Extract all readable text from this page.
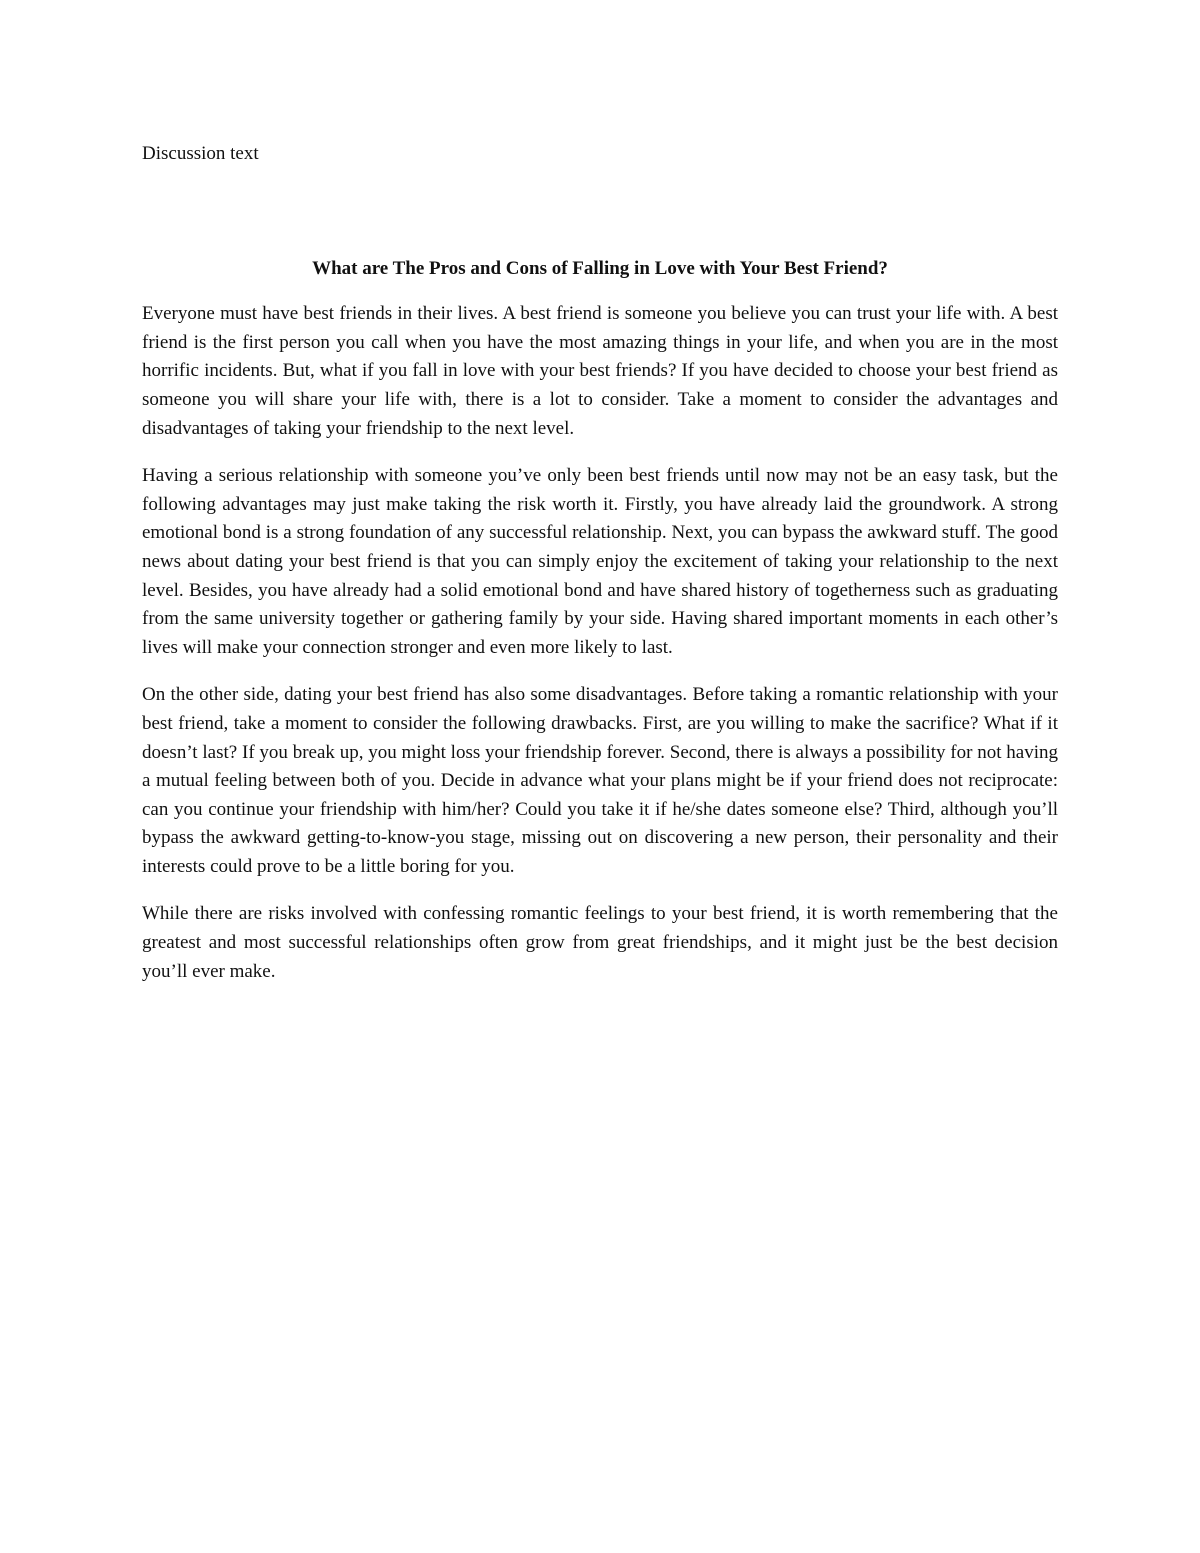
Discussion text

What are The Pros and Cons of Falling in Love with Your Best Friend?

Everyone must have best friends in their lives. A best friend is someone you believe you can trust your life with. A best friend is the first person you call when you have the most amazing things in your life, and when you are in the most horrific incidents. But, what if you fall in love with your best friends? If you have decided to choose your best friend as someone you will share your life with, there is a lot to consider. Take a moment to consider the advantages and disadvantages of taking your friendship to the next level.

Having a serious relationship with someone you’ve only been best friends until now may not be an easy task, but the following advantages may just make taking the risk worth it. Firstly, you have already laid the groundwork. A strong emotional bond is a strong foundation of any successful relationship. Next, you can bypass the awkward stuff. The good news about dating your best friend is that you can simply enjoy the excitement of taking your relationship to the next level. Besides, you have already had a solid emotional bond and have shared history of togetherness such as graduating from the same university together or gathering family by your side. Having shared important moments in each other’s lives will make your connection stronger and even more likely to last.

On the other side, dating your best friend has also some disadvantages. Before taking a romantic relationship with your best friend, take a moment to consider the following drawbacks. First, are you willing to make the sacrifice? What if it doesn’t last? If you break up, you might loss your friendship forever. Second, there is always a possibility for not having a mutual feeling between both of you. Decide in advance what your plans might be if your friend does not reciprocate: can you continue your friendship with him/her? Could you take it if he/she dates someone else? Third, although you’ll bypass the awkward getting-to-know-you stage, missing out on discovering a new person, their personality and their interests could prove to be a little boring for you.

While there are risks involved with confessing romantic feelings to your best friend, it is worth remembering that the greatest and most successful relationships often grow from great friendships, and it might just be the best decision you’ll ever make.
